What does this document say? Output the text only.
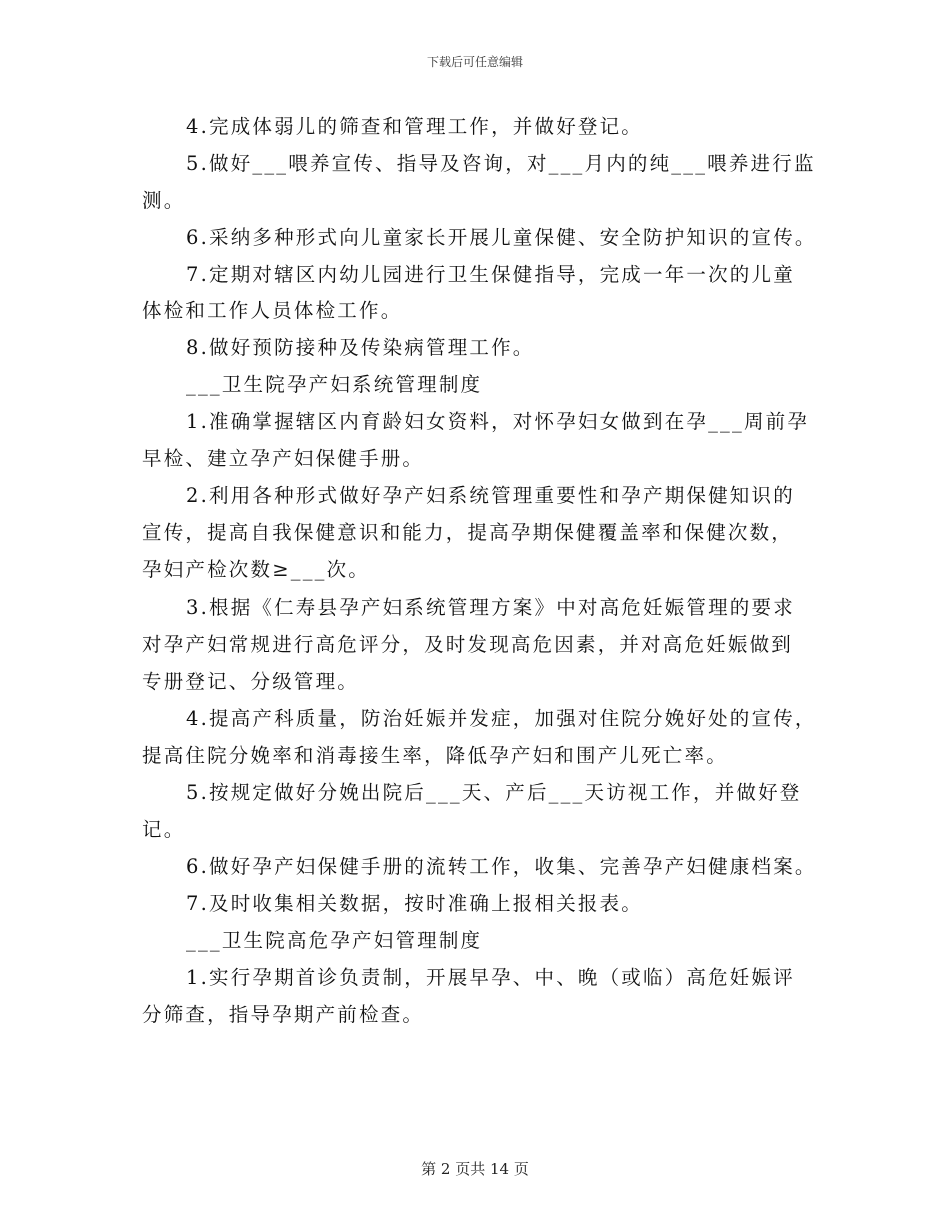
下载后可任意编辑
4.完成体弱儿的筛查和管理工作，并做好登记。
5.做好___喂养宣传、指导及咨询，对___月内的纯___喂养进行监
测。
6.采纳多种形式向儿童家长开展儿童保健、安全防护知识的宣传。
7.定期对辖区内幼儿园进行卫生保健指导，完成一年一次的儿童
体检和工作人员体检工作。
8.做好预防接种及传染病管理工作。
___卫生院孕产妇系统管理制度
1.准确掌握辖区内育龄妇女资料，对怀孕妇女做到在孕___周前孕
早检、建立孕产妇保健手册。
2.利用各种形式做好孕产妇系统管理重要性和孕产期保健知识的
宣传，提高自我保健意识和能力，提高孕期保健覆盖率和保健次数，
孕妇产检次数≥___次。
3.根据《仁寿县孕产妇系统管理方案》中对高危妊娠管理的要求
对孕产妇常规进行高危评分，及时发现高危因素，并对高危妊娠做到
专册登记、分级管理。
4.提高产科质量，防治妊娠并发症，加强对住院分娩好处的宣传，
提高住院分娩率和消毒接生率，降低孕产妇和围产儿死亡率。
5.按规定做好分娩出院后___天、产后___天访视工作，并做好登
记。
6.做好孕产妇保健手册的流转工作，收集、完善孕产妇健康档案。
7.及时收集相关数据，按时准确上报相关报表。
___卫生院高危孕产妇管理制度
1.实行孕期首诊负责制，开展早孕、中、晚（或临）高危妊娠评
分筛查，指导孕期产前检查。
第 2 页共 14 页
